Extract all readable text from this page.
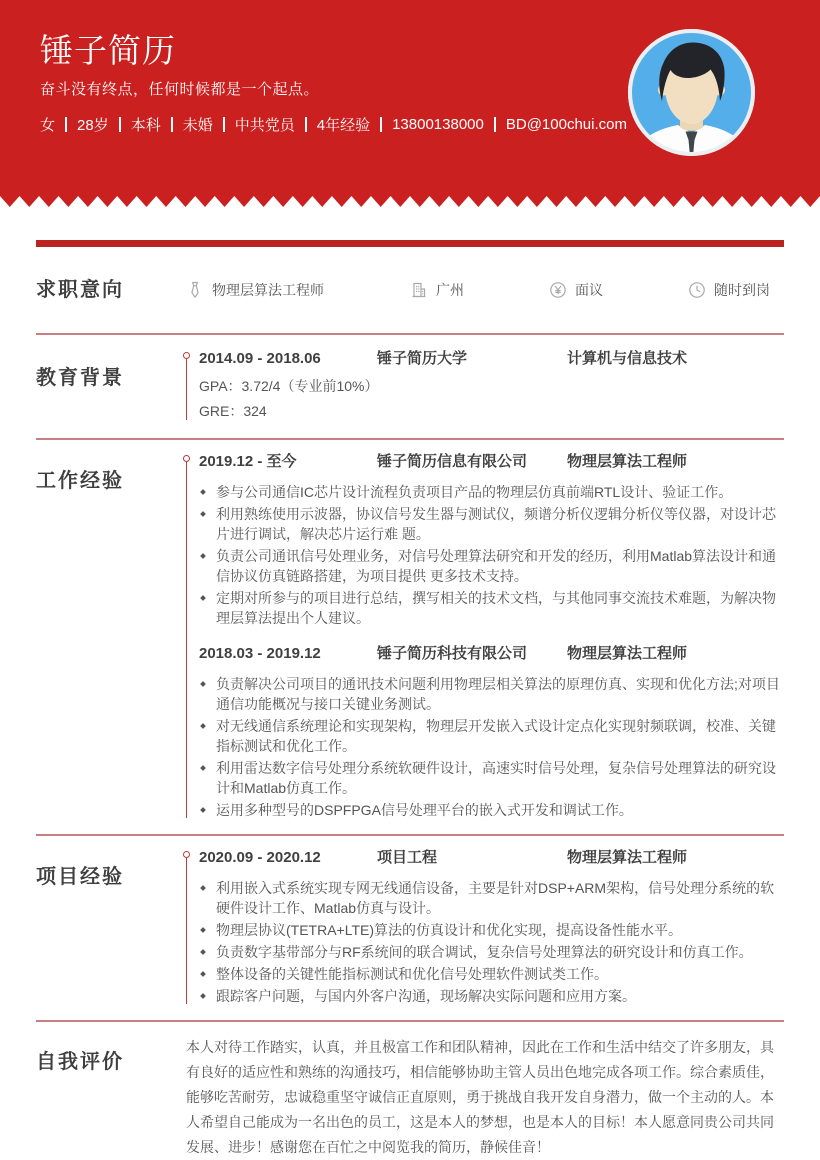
锤子简历

奋斗没有终点，任何时候都是一个起点。

女 28岁 本科 未婚 中共党员 4年经验 13800138000 BD@100chui.com
求职意向	物理层算法工程师	广州	面议	随时到岗
教育背景
2014.09 - 2018.06	锤子简历大学	计算机与信息技术
GPA：3.72/4（专业前10%）
GRE：324
工作经验
2019.12 - 至今	锤子简历信息有限公司	物理层算法工程师
参与公司通信IC芯片设计流程负责项目产品的物理层仿真前端RTL设计、验证工作。
利用熟练使用示波器，协议信号发生器与测试仪，频谱分析仪逻辑分析仪等仪器，对设计芯片进行调试，解决芯片运行难 题。
负责公司通讯信号处理业务，对信号处理算法研究和开发的经历，利用Matlab算法设计和通信协议仿真链路搭建，为项目提供 更多技术支持。
定期对所参与的项目进行总结，撰写相关的技术文档，与其他同事交流技术难题，为解决物理层算法提出个人建议。
2018.03 - 2019.12	锤子简历科技有限公司	物理层算法工程师
负责解决公司项目的通讯技术问题利用物理层相关算法的原理仿真、实现和优化方法;对项目通信功能概况与接口关键业务测试。
对无线通信系统理论和实现架构，物理层开发嵌入式设计定点化实现射频联调，校准、关键指标测试和优化工作。
利用雷达数字信号处理分系统软硬件设计，高速实时信号处理，复杂信号处理算法的研究设计和Matlab仿真工作。
运用多种型号的DSPFPGA信号处理平台的嵌入式开发和调试工作。
项目经验
2020.09 - 2020.12	项目工程	物理层算法工程师
利用嵌入式系统实现专网无线通信设备，主要是针对DSP+ARM架构，信号处理分系统的软硬件设计工作、Matlab仿真与设计。
物理层协议(TETRA+LTE)算法的仿真设计和优化实现，提高设备性能水平。
负责数字基带部分与RF系统间的联合调试，复杂信号处理算法的研究设计和仿真工作。
整体设备的关键性能指标测试和优化信号处理软件测试类工作。
跟踪客户问题，与国内外客户沟通，现场解决实际问题和应用方案。
自我评价

本人对待工作踏实，认真，并且极富工作和团队精神，因此在工作和生活中结交了许多朋友，具有良好的适应性和熟练的沟通技巧，相信能够协助主管人员出色地完成各项工作。综合素质佳，能够吃苦耐劳，忠诚稳重坚守诚信正直原则，勇于挑战自我开发自身潜力，做一个主动的人。本人希望自己能成为一名出色的员工，这是本人的梦想，也是本人的目标！本人愿意同贵公司共同发展、进步！感谢您在百忙之中阅览我的简历，静候佳音！
